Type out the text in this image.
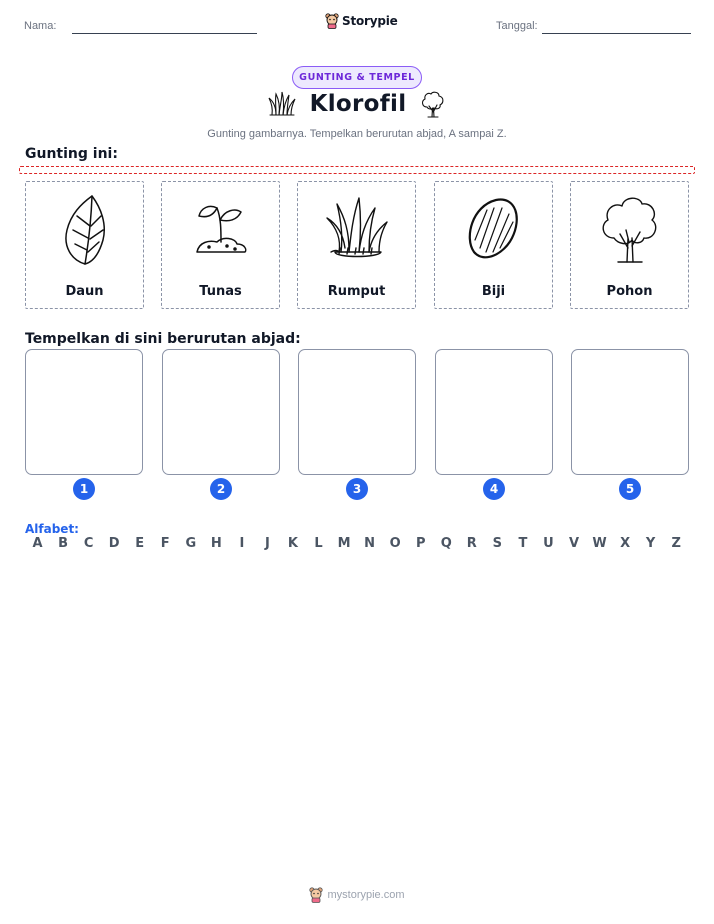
Nama:	Storypie	Tanggal:
GUNTING & TEMPEL
Klorofil
Gunting gambarnya. Tempelkan berurutan abjad, A sampai Z.
Gunting ini:
Daun	Tunas	Rumput	Biji	Pohon
Tempelkan di sini berurutan abjad:
1	2	3	4	5
Alfabet:
A	B	C	D	E	F	G	H	I	J	K	L	M	N	O	P	Q	R	S	T	U	V	W	X	Y	Z
mystorypie.com
